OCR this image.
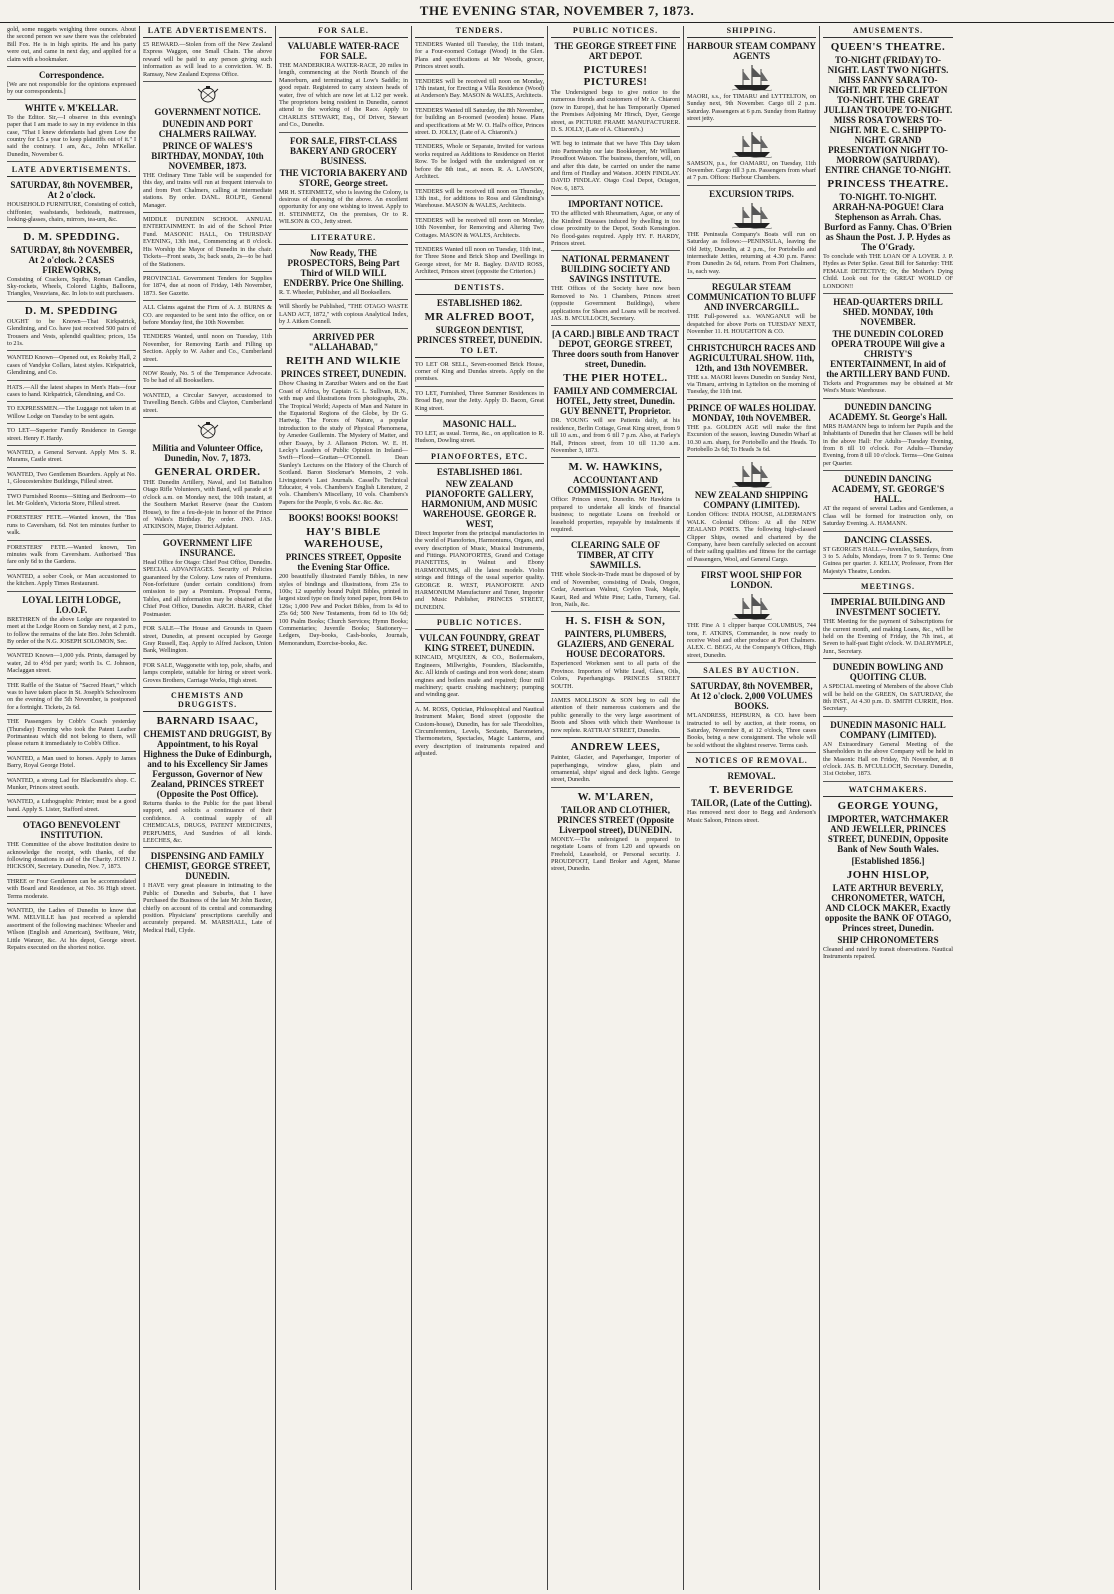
THE EVENING STAR, NOVEMBER 7, 1873.
gold, some nuggets weighing three ounces. About the second person we saw there was the celebrated Bill Fox. He is in high spirits. He and his party were out, and came in next day, and applied for a claim with a bookmaker.
Correspondence.
[We are not responsible for the opinions expressed by our correspondents.]
WHITE v. M'KELLAR.
To the Editor. Sir,—I observe in this evening's paper that I am made to say in my evidence in this case, "That I knew defendants had given Low the country for L5 a year to keep plaintiffs out of it." I said the contrary. I am, &c., John M'Kellar. Dunedin, November 6.
LATE ADVERTISEMENTS.
SATURDAY, 8th NOVEMBER, At 2 o'clock.
HOUSEHOLD FURNITURE, Consisting of cottch, chiffonier, washstands, bedsteads, mattresses, looking-glasses, chairs, mirrors, tea-urn, &c.
D. M. SPEDDING.
SATURDAY, 8th NOVEMBER, At 2 o'clock. 2 CASES FIREWORKS,
Consisting of Crackers, Squibs, Roman Candles, Sky-rockets, Wheels, Colored Lights, Balloons, Triangles, Vesuvians, &c. In lots to suit purchasers.
D. M. SPEDDING
OUGHT to be Known—That Kirkpatrick, Glendining, and Co. have just received 500 pairs of Trousers and Vests, splendid qualities; prices, 15s to 21s.
WANTED Known—Opened out, ex Rokeby Hall, 2 cases of Vandyke Collars, latest styles. Kirkpatrick, Glendining, and Co.
HATS.—All the latest shapes in Men's Hats—four cases to hand. Kirkpatrick, Glendining, and Co.
TO EXPRESSMEN.—The Luggage not taken in at Willow Lodge on Tuesday to be sent again.
TO LET—Superior Family Residence in George street. Henry F. Hardy.
WANTED, a General Servant. Apply Mrs S. R. Murams, Castle street.
WANTED, Two Gentlemen Boarders. Apply at No. 1, Gloucestershire Buildings, Filleul street.
TWO Furnished Rooms—Sitting and Bedroom—to let. Mr Golden's, Victoria Store, Filleul street.
FORESTERS' FETE.—Wanted known, the 'Bus runs to Caversham, 6d. Not ten minutes further to walk.
FORESTERS' FETE.—Wanted known, Ten minutes walk from Caversham. Authorised 'Bus fare only 6d to the Gardens.
WANTED, a sober Cook, or Man accustomed to the kitchen. Apply Times Restaurant.
LOYAL LEITH LODGE, I.O.O.F.
BRETHREN of the above Lodge are requested to meet at the Lodge Room on Sunday next, at 2 p.m., to follow the remains of the late Bro. John Schmidt. By order of the N.G. JOSEPH SOLOMON, Sec.
WANTED Known—1,000 yds. Prints, damaged by water, 2d to 4½d per yard; worth 1s. C. Johnson, Maclaggan street.
THE Raffle of the Statue of "Sacred Heart," which was to have taken place in St. Joseph's Schoolroom on the evening of the 5th November, is postponed for a fortnight. Tickets, 2s 6d.
THE Passengers by Cobb's Coach yesterday (Thursday) Evening who took the Patent Leather Portmanteau which did not belong to them, will please return it immediately to Cobb's Office.
WANTED, a Man used to horses. Apply to James Barry, Royal George Hotel.
WANTED, a strong Lad for Blacksmith's shop. C. Munker, Princes street south.
WANTED, a Lithographic Printer; must be a good hand. Apply S. Lister, Stafford street.
OTAGO BENEVOLENT INSTITUTION.
THE Committee of the above Institution desire to acknowledge the receipt, with thanks, of the following donations in aid of the Charity. JOHN J. HICKSON, Secretary. Dunedin, Nov. 7, 1873.
THREE or Four Gentlemen can be accommodated with Board and Residence, at No. 36 High street. Terms moderate.
WANTED, the Ladies of Dunedin to know that WM. MELVILLE has just received a splendid assortment of the following machines: Wheeler and Wilson (English and American), Swiftsure, Weir, Little Wanzer, &c. At his depot, George street. Repairs executed on the shortest notice.
LATE ADVERTISEMENTS.
£5 REWARD.—Stolen from off the New Zealand Express Waggon, one Small Chain. The above reward will be paid to any person giving such information as will lead to a conviction. W. B. Ramsay, New Zealand Express Office.
GOVERNMENT NOTICE.
DUNEDIN AND PORT CHALMERS RAILWAY.
PRINCE OF WALES'S BIRTHDAY, MONDAY, 10th NOVEMBER, 1873.
THE Ordinary Time Table will be suspended for this day, and trains will run at frequent intervals to and from Port Chalmers, calling at intermediate stations. By order. DANL. ROLFE, General Manager.
MIDDLE DUNEDIN SCHOOL ANNUAL ENTERTAINMENT. In aid of the School Prize Fund. MASONIC HALL, On THURSDAY EVENING, 13th inst., Commencing at 8 o'clock. His Worship the Mayor of Dunedin in the chair. Tickets—Front seats, 3s; back seats, 2s—to be had of the Stationers.
PROVINCIAL Government Tenders for Supplies for 1874, due at noon of Friday, 14th November, 1873. See Gazette.
ALL Claims against the Firm of A. J. BURNS & CO. are requested to be sent into the office, on or before Monday first, the 10th November.
TENDERS Wanted, until noon on Tuesday, 11th November, for Removing Earth and Filling up Section. Apply to W. Asher and Co., Cumberland street.
NOW Ready, No. 5 of the Temperance Advocate. To be had of all Booksellers.
WANTED, a Circular Sawyer, accustomed to Travelling Bench. Gibbs and Clayton, Cumberland street.
Militia and Volunteer Office, Dunedin, Nov. 7, 1873.
GENERAL ORDER.
THE Dunedin Artillery, Naval, and 1st Battalion Otago Rifle Volunteers, with Band, will parade at 9 o'clock a.m. on Monday next, the 10th instant, at the Southern Market Reserve (near the Custom House), to fire a feu-de-joie in honor of the Prince of Wales's Birthday. By order. JNO. JAS. ATKINSON, Major, District Adjutant.
GOVERNMENT LIFE INSURANCE.
Head Office for Otago: Chief Post Office, Dunedin. SPECIAL ADVANTAGES. Security of Policies guaranteed by the Colony. Low rates of Premiums. Non-forfeiture (under certain conditions) from omission to pay a Premium. Proposal Forms, Tables, and all information may be obtained at the Chief Post Office, Dunedin. ARCH. BARR, Chief Postmaster.
FOR SALE—The House and Grounds in Queen street, Dunedin, at present occupied by George Gray Russell, Esq. Apply to Alfred Jackson, Union Bank, Wellington.
FOR SALE, Waggonette with top, pole, shafts, and lamps complete, suitable for hiring or street work. Groves Brothers, Carriage Works, High street.
CHEMISTS AND DRUGGISTS.
BARNARD ISAAC,
CHEMIST AND DRUGGIST, By Appointment, to his Royal Highness the Duke of Edinburgh, and to his Excellency Sir James Fergusson, Governor of New Zealand, PRINCES STREET (Opposite the Post Office).
Returns thanks to the Public for the past liberal support, and solicits a continuance of their confidence. A continual supply of all CHEMICALS, DRUGS, PATENT MEDICINES, PERFUMES, And Sundries of all kinds. LEECHES, &c.
DISPENSING AND FAMILY CHEMIST, GEORGE STREET, DUNEDIN.
I HAVE very great pleasure in intimating to the Public of Dunedin and Suburbs, that I have Purchased the Business of the late Mr John Baxter, chiefly on account of its central and commanding position. Physicians' prescriptions carefully and accurately prepared. M. MARSHALL, Late of Medical Hall, Clyde.
FOR SALE.
VALUABLE WATER-RACE FOR SALE.
THE MANDERKIRA WATER-RACE, 20 miles in length, commencing at the North Branch of the Manorburn, and terminating at Low's Saddle; in good repair. Registered to carry sixteen heads of water, five of which are now let at L12 per week. The proprietors being resident in Dunedin, cannot attend to the working of the Race. Apply to CHARLES STEWART, Esq., Of Driver, Stewart and Co., Dunedin.
FOR SALE, FIRST-CLASS BAKERY AND GROCERY BUSINESS.
THE VICTORIA BAKERY AND STORE, George street.
MR H. STEINMETZ, who is leaving the Colony, is desirous of disposing of the above. An excellent opportunity for any one wishing to invest. Apply to H. STEINMETZ, On the premises, Or to R. WILSON & CO., Jetty street.
LITERATURE.
Now Ready, THE PROSPECTORS, Being Part Third of WILD WILL ENDERBY. Price One Shilling.
R. T. Wheeler, Publisher, and all Booksellers.
Will Shortly be Published, "THE OTAGO WASTE LAND ACT, 1872," with copious Analytical Index, by J. Aitken Connell.
ARRIVED PER "ALLAHABAD,"
REITH AND WILKIE
PRINCES STREET, DUNEDIN.
Dhow Chasing in Zanzibar Waters and on the East Coast of Africa, by Captain G. L. Sullivan, R.N., with map and illustrations from photographs, 20s. The Tropical World; Aspects of Man and Nature in the Equatorial Regions of the Globe, by Dr G. Hartwig. The Forces of Nature, a popular introduction to the study of Physical Phenomena, by Amedee Guillemin. The Mystery of Matter, and other Essays, by J. Allanson Picton. W. E. H. Lecky's Leaders of Public Opinion in Ireland—Swift—Flood—Grattan—O'Connell. Dean Stanley's Lectures on the History of the Church of Scotland. Baron Stockmar's Memoirs, 2 vols. Livingstone's Last Journals. Cassell's Technical Educator, 4 vols. Chambers's English Literature, 2 vols. Chambers's Miscellany, 10 vols. Chambers's Papers for the People, 6 vols. &c. &c. &c.
BOOKS! BOOKS! BOOKS!
HAY'S BIBLE WAREHOUSE,
PRINCES STREET, Opposite the Evening Star Office.
200 beautifully illustrated Family Bibles, in new styles of bindings and illustrations, from 25s to 100s; 12 superbly bound Pulpit Bibles, printed in largest sized type on finely toned paper, from 84s to 126s; 1,000 Pew and Pocket Bibles, from 1s 4d to 25s 6d; 500 New Testaments, from 6d to 10s 6d; 100 Psalm Books; Church Services; Hymn Books; Commentaries; Juvenile Books; Stationery—Ledgers, Day-books, Cash-books, Journals, Memorandum, Exercise-books, &c.
TENDERS.
TENDERS Wanted till Tuesday, the 11th instant, for a Four-roomed Cottage (Wood) in the Glen. Plans and specifications at Mr Woods, grocer, Princes street south.
TENDERS will be received till noon on Monday, 17th instant, for Erecting a Villa Residence (Wood) at Anderson's Bay. MASON & WALES, Architects.
TENDERS Wanted till Saturday, the 8th November, for building an 8-roomed (wooden) house. Plans and specifications at Mr W. O. Hall's office, Princes street. D. JOLLY, (Late of A. Chiaroni's.)
TENDERS, Whole or Separate, Invited for various works required as Additions to Residence on Heriot Row. To be lodged with the undersigned on or before the 8th inst., at noon. R. A. LAWSON, Architect.
TENDERS will be received till noon on Thursday, 13th inst., for additions to Ross and Glendining's Warehouse. MASON & WALES, Architects.
TENDERS will be received till noon on Monday, 10th November, for Removing and Altering Two Cottages. MASON & WALES, Architects.
TENDERS Wanted till noon on Tuesday, 11th inst., for Three Stone and Brick Shop and Dwellings in George street, for Mr R. Bagley. DAVID ROSS, Architect, Princes street (opposite the Criterion.)
DENTISTS.
ESTABLISHED 1862.
MR ALFRED BOOT,
SURGEON DENTIST, PRINCES STREET, DUNEDIN.
TO LET.
TO LET OR SELL, Seven-roomed Brick House, corner of King and Dundas streets. Apply on the premises.
TO LET, Furnished, Three Summer Residences in Broad Bay, near the Jetty. Apply D. Bacon, Great King street.
MASONIC HALL.
TO LET, as usual. Terms, &c., on application to R. Hudson, Dowling street.
PIANOFORTES, ETC.
ESTABLISHED 1861.
NEW ZEALAND PIANOFORTE GALLERY, HARMONIUM, AND MUSIC WAREHOUSE. GEORGE R. WEST,
Direct Importer from the principal manufactories in the world of Pianofortes, Harmoniums, Organs, and every description of Music, Musical Instruments, and Fittings. PIANOFORTES, Grand and Cottage PIANETTES, in Walnut and Ebony HARMONIUMS, all the latest models. Violin strings and fittings of the usual superior quality. GEORGE R. WEST, PIANOFORTE AND HARMONIUM Manufacturer and Tuner, Importer and Music Publisher, PRINCES STREET, DUNEDIN.
PUBLIC NOTICES.
VULCAN FOUNDRY, GREAT KING STREET, DUNEDIN.
KINCAID, M'QUEEN, & CO., Boilermakers, Engineers, Millwrights, Founders, Blacksmiths, &c. All kinds of castings and iron work done; steam engines and boilers made and repaired; flour mill machinery; quartz crushing machinery; pumping and winding gear.
A. M. ROSS, Optician, Philosophical and Nautical Instrument Maker, Bond street (opposite the Custom-house), Dunedin, has for sale Theodolites, Circumferenters, Levels, Sextants, Barometers, Thermometers, Spectacles, Magic Lanterns, and every description of instruments repaired and adjusted.
PUBLIC NOTICES.
THE GEORGE STREET FINE ART DEPOT.
PICTURES! PICTURES!
The Undersigned begs to give notice to the numerous friends and customers of Mr A. Chiaroni (now in Europe), that he has Temporarily Opened the Premises Adjoining Mr Hirsch, Dyer, George street, as PICTURE FRAME MANUFACTURER. D. S. JOLLY, (Late of A. Chiaroni's.)
WE beg to intimate that we have This Day taken into Partnership our late Bookkeeper, Mr William Proudfoot Watson. The business, therefore, will, on and after this date, be carried on under the name and firm of Findlay and Watson. JOHN FINDLAY. DAVID FINDLAY. Otago Coal Depot, Octagon, Nov. 6, 1873.
IMPORTANT NOTICE.
TO the afflicted with Rheumatism, Ague, or any of the Kindred Diseases induced by dwelling in too close proximity to the Depot, South Kensington. No flood-gates required. Apply HY. F. HARDY, Princes street.
NATIONAL PERMANENT BUILDING SOCIETY AND SAVINGS INSTITUTE.
THE Offices of the Society have now been Removed to No. 1 Chambers, Princes street (opposite Government Buildings), where applications for Shares and Loans will be received. JAS. B. M'CULLOCH, Secretary.
[A CARD.] BIBLE AND TRACT DEPOT, GEORGE STREET, Three doors south from Hanover street, Dunedin.
THE PIER HOTEL.
FAMILY AND COMMERCIAL HOTEL, Jetty street, Dunedin. GUY BENNETT, Proprietor.
DR. YOUNG will see Patients daily, at his residence, Berlin Cottage, Great King street, from 9 till 10 a.m., and from 6 till 7 p.m. Also, at Farley's Hall, Princes street, from 10 till 11.30 a.m. November 3, 1873.
M. W. HAWKINS,
ACCOUNTANT AND COMMISSION AGENT,
Office: Princes street, Dunedin. Mr Hawkins is prepared to undertake all kinds of financial business; to negotiate Loans on freehold or leasehold properties, repayable by instalments if required.
CLEARING SALE OF TIMBER, AT CITY SAWMILLS.
THE whole Stock-in-Trade must be disposed of by end of November, consisting of Deals, Oregon, Cedar, American Walnut, Ceylon Teak, Maple, Kauri, Red and White Pine; Laths, Turnery, Gal. Iron, Nails, &c.
H. S. FISH & SON,
PAINTERS, PLUMBERS, GLAZIERS, AND GENERAL HOUSE DECORATORS.
Experienced Workmen sent to all parts of the Province. Importers of White Lead, Glass, Oils, Colors, Paperhangings. PRINCES STREET SOUTH.
JAMES MOLLISON & SON beg to call the attention of their numerous customers and the public generally to the very large assortment of Boots and Shoes with which their Warehouse is now replete. RATTRAY STREET, Dunedin.
ANDREW LEES,
Painter, Glazier, and Paperhanger, Importer of paperhangings, window glass, plain and ornamental, ships' signal and deck lights. George street, Dunedin.
W. M'LAREN,
TAILOR AND CLOTHIER, PRINCES STREET (Opposite Liverpool street), DUNEDIN.
MONEY.—The undersigned is prepared to negotiate Loans of from L20 and upwards on Freehold, Leasehold, or Personal security. J. PROUDFOOT, Land Broker and Agent, Manse street, Dunedin.
SHIPPING.
HARBOUR STEAM COMPANY AGENTS
MAORI, s.s., for TIMARU and LYTTELTON, on Sunday next, 9th November. Cargo till 2 p.m. Saturday. Passengers at 6 p.m. Sunday from Rattray street jetty.
SAMSON, p.s., for OAMARU, on Tuesday, 11th November. Cargo till 3 p.m. Passengers from wharf at 7 p.m. Offices: Harbour Chambers.
EXCURSION TRIPS.
THE Peninsula Company's Boats will run on Saturday as follows:—PENINSULA, leaving the Old Jetty, Dunedin, at 2 p.m., for Portobello and intermediate Jetties, returning at 4.30 p.m. Fares: From Dunedin 2s 6d, return. From Port Chalmers, 1s, each way.
REGULAR STEAM COMMUNICATION TO BLUFF AND INVERCARGILL.
THE Full-powered s.s. WANGANUI will be despatched for above Ports on TUESDAY NEXT, November 11. H. HOUGHTON & CO.
CHRISTCHURCH RACES AND AGRICULTURAL SHOW. 11th, 12th, and 13th NOVEMBER.
THE s.s. MAORI leaves Dunedin on Sunday Next, via Timaru, arriving in Lyttelton on the morning of Tuesday, the 11th inst.
PRINCE OF WALES HOLIDAY. MONDAY, 10th NOVEMBER.
THE p.s. GOLDEN AGE will make the first Excursion of the season, leaving Dunedin Wharf at 10.30 a.m. sharp, for Portobello and the Heads. To Portobello 2s 6d; To Heads 3s 6d.
NEW ZEALAND SHIPPING COMPANY (LIMITED).
London Offices: INDIA HOUSE, ALDERMAN'S WALK. Colonial Offices: At all the NEW ZEALAND PORTS. The following high-classed Clipper Ships, owned and chartered by the Company, have been carefully selected on account of their sailing qualities and fitness for the carriage of Passengers, Wool, and General Cargo.
FIRST WOOL SHIP FOR LONDON.
THE Fine A 1 clipper barque COLUMBUS, 744 tons, F. ATKINS, Commander, is now ready to receive Wool and other produce at Port Chalmers. ALEX. C. BEGG, At the Company's Offices, High street, Dunedin.
SALES BY AUCTION.
SATURDAY, 8th NOVEMBER, At 12 o'clock. 2,000 VOLUMES BOOKS.
M'LANDRESS, HEPBURN, & CO. have been instructed to sell by auction, at their rooms, on Saturday, November 8, at 12 o'clock, Three cases Books, being a new consignment. The whole will be sold without the slightest reserve. Terms cash.
NOTICES OF REMOVAL.
REMOVAL.
T. BEVERIDGE
TAILOR, (Late of the Cutting).
Has removed next door to Begg and Anderson's Music Saloon, Princes street.
AMUSEMENTS.
QUEEN'S THEATRE.
TO-NIGHT (FRIDAY) TO-NIGHT. LAST TWO NIGHTS. MISS FANNY SARA TO-NIGHT. MR FRED CLIFTON TO-NIGHT. THE GREAT JULLIAN TROUPE TO-NIGHT. MISS ROSA TOWERS TO-NIGHT. MR E. C. SHIPP TO-NIGHT. GRAND PRESENTATION NIGHT TO-MORROW (SATURDAY). ENTIRE CHANGE TO-NIGHT.
PRINCESS THEATRE.
TO-NIGHT. TO-NIGHT. ARRAH-NA-POGUE! Clara Stephenson as Arrah. Chas. Burford as Fanny. Chas. O'Brien as Shaun the Post. J. P. Hydes as The O'Grady.
To conclude with THE LOAN OF A LOVER. J. P. Hydes as Peter Spike. Great Bill for Saturday: THE FEMALE DETECTIVE; Or, the Mother's Dying Child. Look out for the GREAT WORLD OF LONDON!!
HEAD-QUARTERS DRILL SHED. MONDAY, 10th NOVEMBER.
THE DUNEDIN COLORED OPERA TROUPE Will give a CHRISTY'S ENTERTAINMENT, In aid of the ARTILLERY BAND FUND.
Tickets and Programmes may be obtained at Mr West's Music Warehouse.
DUNEDIN DANCING ACADEMY. St. George's Hall.
MRS HAMANN begs to inform her Pupils and the Inhabitants of Dunedin that her Classes will be held in the above Hall: For Adults—Tuesday Evening, from 8 till 10 o'clock. For Adults—Thursday Evening, from 8 till 10 o'clock. Terms—One Guinea per Quarter.
DUNEDIN DANCING ACADEMY, ST. GEORGE'S HALL.
AT the request of several Ladies and Gentlemen, a Class will be formed for instruction only, on Saturday Evening. A. HAMANN.
DANCING CLASSES.
ST GEORGE'S HALL.—Juveniles, Saturdays, from 3 to 5. Adults, Mondays, from 7 to 9. Terms: One Guinea per quarter. J. KELLY, Professor, From Her Majesty's Theatre, London.
MEETINGS.
IMPERIAL BUILDING AND INVESTMENT SOCIETY.
THE Meeting for the payment of Subscriptions for the current month, and making Loans, &c., will be held on the Evening of Friday, the 7th inst., at Seven to half-past Eight o'clock. W. DALRYMPLE, Junr., Secretary.
DUNEDIN BOWLING AND QUOITING CLUB.
A SPECIAL meeting of Members of the above Club will be held on the GREEN, On SATURDAY, the 8th INST., At 4.30 p.m. D. SMITH CURRIE, Hon. Secretary.
DUNEDIN MASONIC HALL COMPANY (LIMITED).
AN Extraordinary General Meeting of the Shareholders in the above Company will be held in the Masonic Hall on Friday, 7th November, at 8 o'clock. JAS. B. M'CULLOCH, Secretary. Dunedin, 31st October, 1873.
WATCHMAKERS.
GEORGE YOUNG,
IMPORTER, WATCHMAKER AND JEWELLER, PRINCES STREET, DUNEDIN, Opposite Bank of New South Wales.
[Established 1856.]
JOHN HISLOP,
LATE ARTHUR BEVERLY, CHRONOMETER, WATCH, AND CLOCK MAKER, Exactly opposite the BANK OF OTAGO, Princes street, Dunedin.
SHIP CHRONOMETERS
Cleaned and rated by transit observations. Nautical Instruments repaired.
